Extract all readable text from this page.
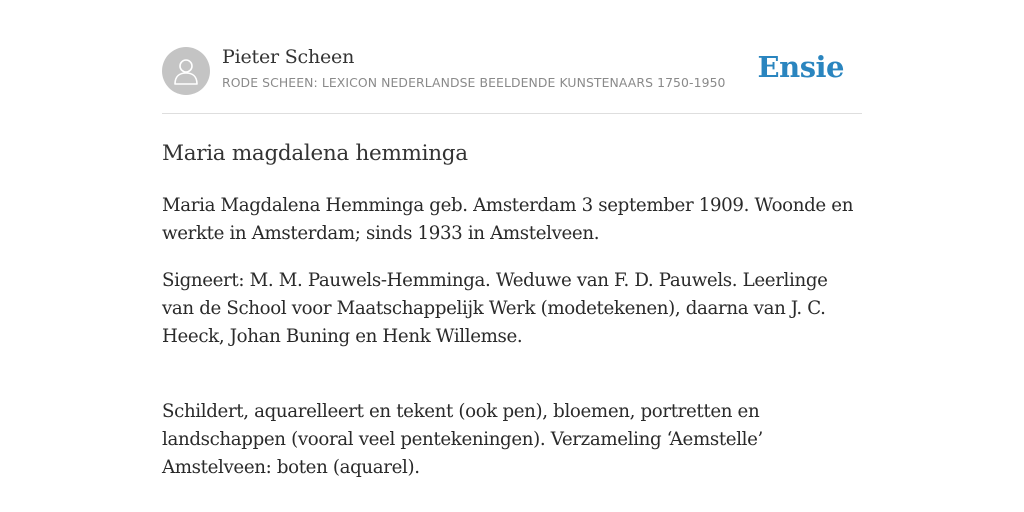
Pieter Scheen
RODE SCHEEN: LEXICON NEDERLANDSE BEELDENDE KUNSTENAARS 1750-1950 Ensie
Maria magdalena hemminga

Maria Magdalena Hemminga geb. Amsterdam 3 september 1909. Woonde en werkte in Amsterdam; sinds 1933 in Amstelveen.

Signeert: M. M. Pauwels-Hemminga. Weduwe van F. D. Pauwels. Leerlinge van de School voor Maatschappelijk Werk (modetekenen), daarna van J. C. Heeck, Johan Buning en Henk Willemse.

Schildert, aquarelleert en tekent (ook pen), bloemen, portretten en landschappen (vooral veel pentekeningen). Verzameling ‘Aemstelle’ Amstelveen: boten (aquarel).
